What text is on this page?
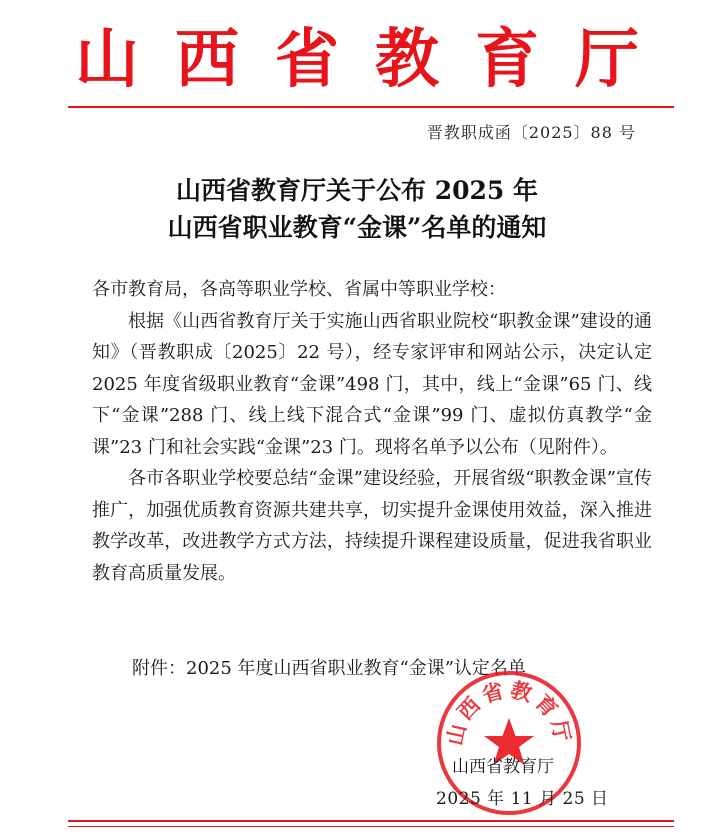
山西省教育厅
晋教职成函〔2025〕88 号
山西省教育厅关于公布 2025 年
山西省职业教育“金课”名单的通知

各市教育局，各高等职业学校、省属中等职业学校：

根据《山西省教育厅关于实施山西省职业院校“职教金课”建设的通知》（晋教职成〔2025〕22 号），经专家评审和网站公示，决定认定 2025 年度省级职业教育“金课”498 门，其中，线上“金课”65 门、线下“金课”288 门、线上线下混合式“金课”99 门、虚拟仿真教学“金课”23 门和社会实践“金课”23 门。现将名单予以公布（见附件）。

各市各职业学校要总结“金课”建设经验，开展省级“职教金课”宣传推广，加强优质教育资源共建共享，切实提升金课使用效益，深入推进教学改革，改进教学方式方法，持续提升课程建设质量，促进我省职业教育高质量发展。

附件：2025 年度山西省职业教育“金课”认定名单
山西省教育厅
山西省教育厅
2025 年 11 月 25 日
